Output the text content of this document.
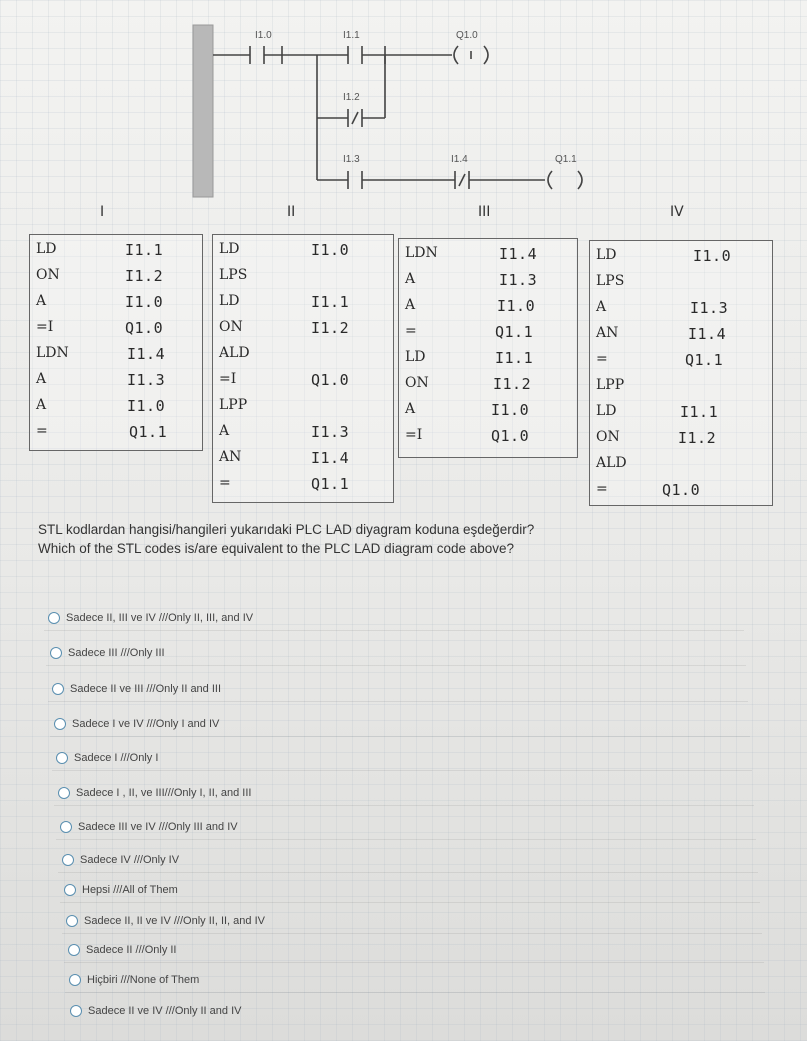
I1.0	I1.1	Q1.0
I1.2
I1.3	I1.4	Q1.1
I	II	III	IV
LD	I1.1
ON	I1.2
A	I1.0
=I	Q1.0
LDN	I1.4
A	I1.3
A	I1.0
=	Q1.1
LD	I1.0
LPS
LD	I1.1
ON	I1.2
ALD
=I	Q1.0
LPP
A	I1.3
AN	I1.4
=	Q1.1
LDN	I1.4
A	I1.3
A	I1.0
=	Q1.1
LD	I1.1
ON	I1.2
A	I1.0
=I	Q1.0
LD	I1.0
LPS
A	I1.3
AN	I1.4
=	Q1.1
LPP
LD	I1.1
ON	I1.2
ALD
=	Q1.0
STL kodlardan hangisi/hangileri yukarıdaki PLC LAD diyagram koduna eşdeğerdir?
Which of the STL codes is/are equivalent to the PLC LAD diagram code above?
Sadece II, III ve IV ///Only II, III, and IV
Sadece III ///Only III
Sadece II ve III ///Only II and III
Sadece I ve IV ///Only I and IV
Sadece I ///Only I
Sadece I , II, ve III///Only I, II, and III
Sadece III ve IV ///Only III and IV
Sadece IV ///Only IV
Hepsi ///All of Them
Sadece II, II ve IV ///Only II, II, and IV
Sadece II ///Only II
Hiçbiri ///None of Them
Sadece II ve IV ///Only II and IV
